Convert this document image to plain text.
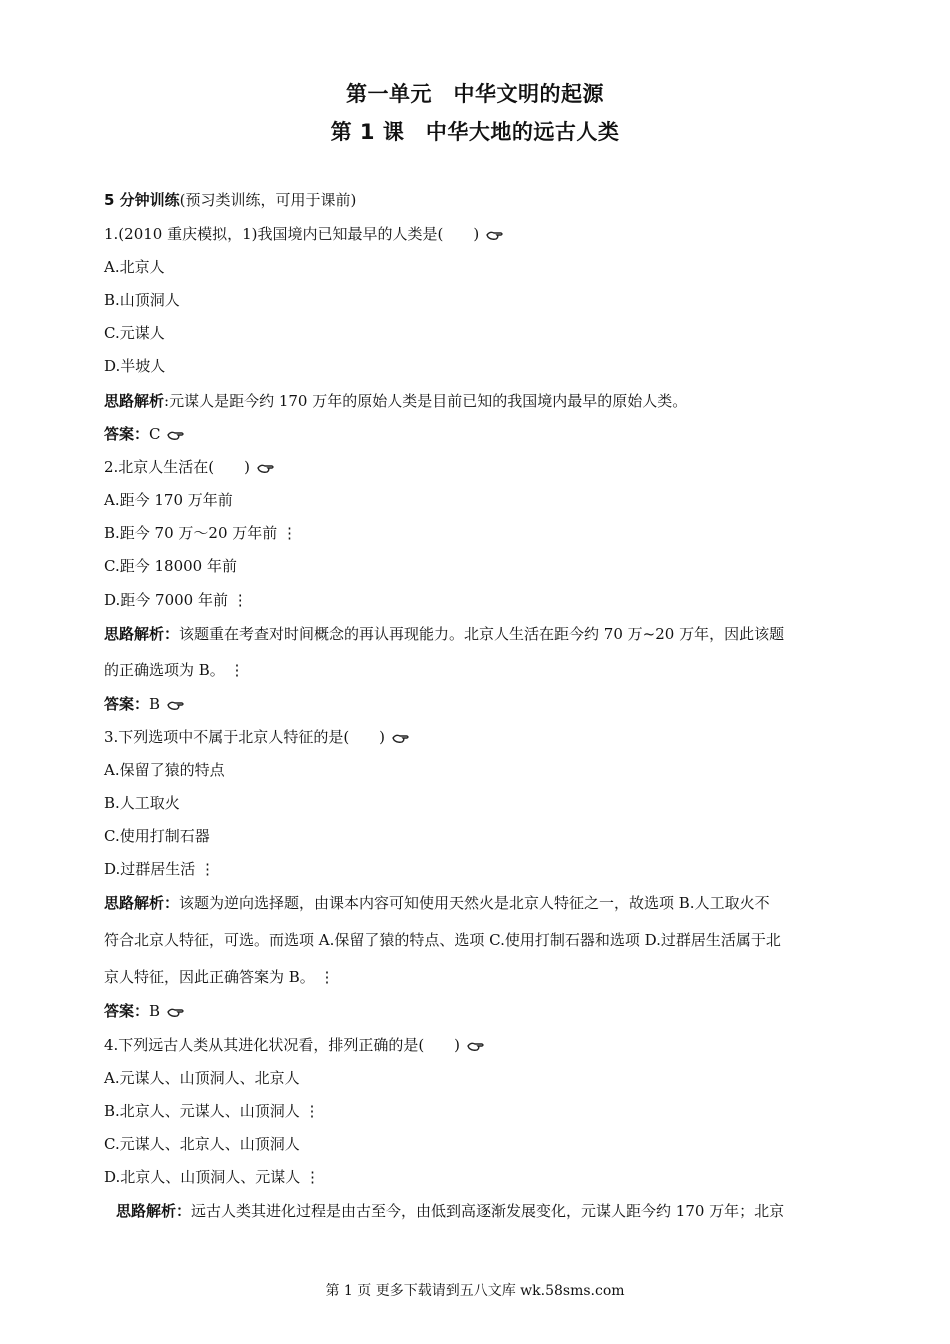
第一单元　中华文明的起源
第 1 课　中华大地的远古人类
5 分钟训练(预习类训练，可用于课前)
1.(2010 重庆模拟，1)我国境内已知最早的人类是(　　)
A.北京人
B.山顶洞人
C.元谋人
D.半坡人
思路解析:元谋人是距今约 170 万年的原始人类是目前已知的我国境内最早的原始人类。
答案：C
2.北京人生活在(　　)
A.距今 170 万年前
B.距今 70 万～20 万年前 ⋮
C.距今 18000 年前
D.距今 7000 年前 ⋮
思路解析：该题重在考查对时间概念的再认再现能力。北京人生活在距今约 70 万~20 万年，因此该题
的正确选项为 B。 ⋮
答案：B
3.下列选项中不属于北京人特征的是(　　)
A.保留了猿的特点
B.人工取火
C.使用打制石器
D.过群居生活 ⋮
思路解析：该题为逆向选择题，由课本内容可知使用天然火是北京人特征之一，故选项 B.人工取火不
符合北京人特征，可选。而选项 A.保留了猿的特点、选项 C.使用打制石器和选项 D.过群居生活属于北
京人特征，因此正确答案为 B。 ⋮
答案：B
4.下列远古人类从其进化状况看，排列正确的是(　　)
A.元谋人、山顶洞人、北京人
B.北京人、元谋人、山顶洞人 ⋮
C.元谋人、北京人、山顶洞人
D.北京人、山顶洞人、元谋人 ⋮
思路解析：远古人类其进化过程是由古至今，由低到高逐渐发展变化，元谋人距今约 170 万年；北京
第 1 页 更多下载请到五八文库 wk.58sms.com
